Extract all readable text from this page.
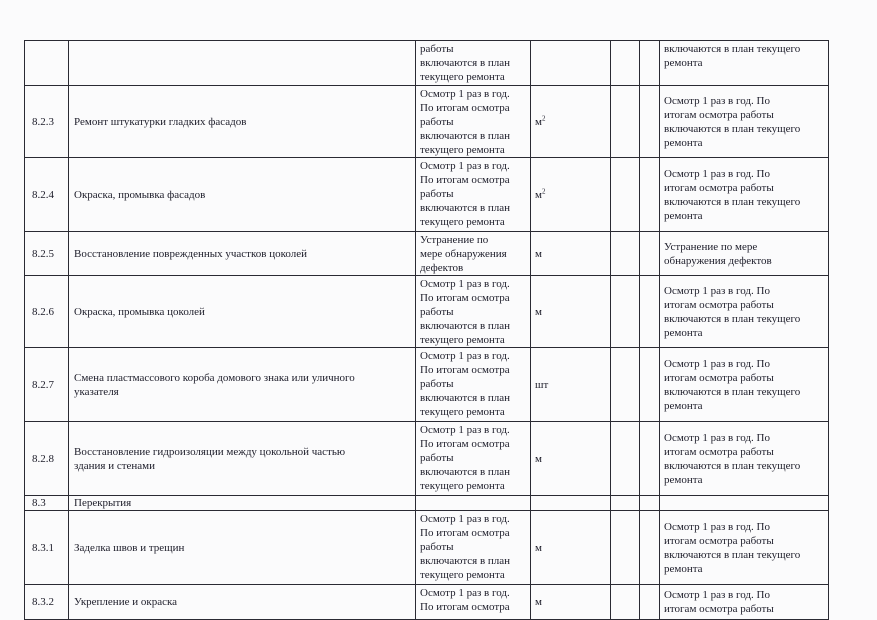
		работы
включаются в план
текущего ремонта				включаются в план текущего
ремонта
8.2.3	Ремонт штукатурки гладких фасадов	Осмотр 1 раз в год.
По итогам осмотра
работы
включаются в план
текущего ремонта	$м^2$			Осмотр 1 раз в год. По
итогам осмотра работы
включаются в план текущего
ремонта
8.2.4	Окраска, промывка фасадов	Осмотр 1 раз в год.
По итогам осмотра
работы
включаются в план
текущего ремонта	$м^2$			Осмотр 1 раз в год. По
итогам осмотра работы
включаются в план текущего
ремонта
8.2.5	Восстановление поврежденных участков цоколей	Устранение по
мере обнаружения
дефектов	м			Устранение по мере
обнаружения дефектов
8.2.6	Окраска, промывка цоколей	Осмотр 1 раз в год.
По итогам осмотра
работы
включаются в план
текущего ремонта	м			Осмотр 1 раз в год. По
итогам осмотра работы
включаются в план текущего
ремонта
8.2.7	Смена пластмассового короба домового знака или уличного
указателя	Осмотр 1 раз в год.
По итогам осмотра
работы
включаются в план
текущего ремонта	шт			Осмотр 1 раз в год. По
итогам осмотра работы
включаются в план текущего
ремонта
8.2.8	Восстановление гидроизоляции между цокольной частью
здания и стенами	Осмотр 1 раз в год.
По итогам осмотра
работы
включаются в план
текущего ремонта	м			Осмотр 1 раз в год. По
итогам осмотра работы
включаются в план текущего
ремонта
8.3	Перекрытия					
8.3.1	Заделка швов и трещин	Осмотр 1 раз в год.
По итогам осмотра
работы
включаются в план
текущего ремонта	м			Осмотр 1 раз в год. По
итогам осмотра работы
включаются в план текущего
ремонта
8.3.2	Укрепление и окраска	Осмотр 1 раз в год.
По итогам осмотра	м			Осмотр 1 раз в год. По
итогам осмотра работы
